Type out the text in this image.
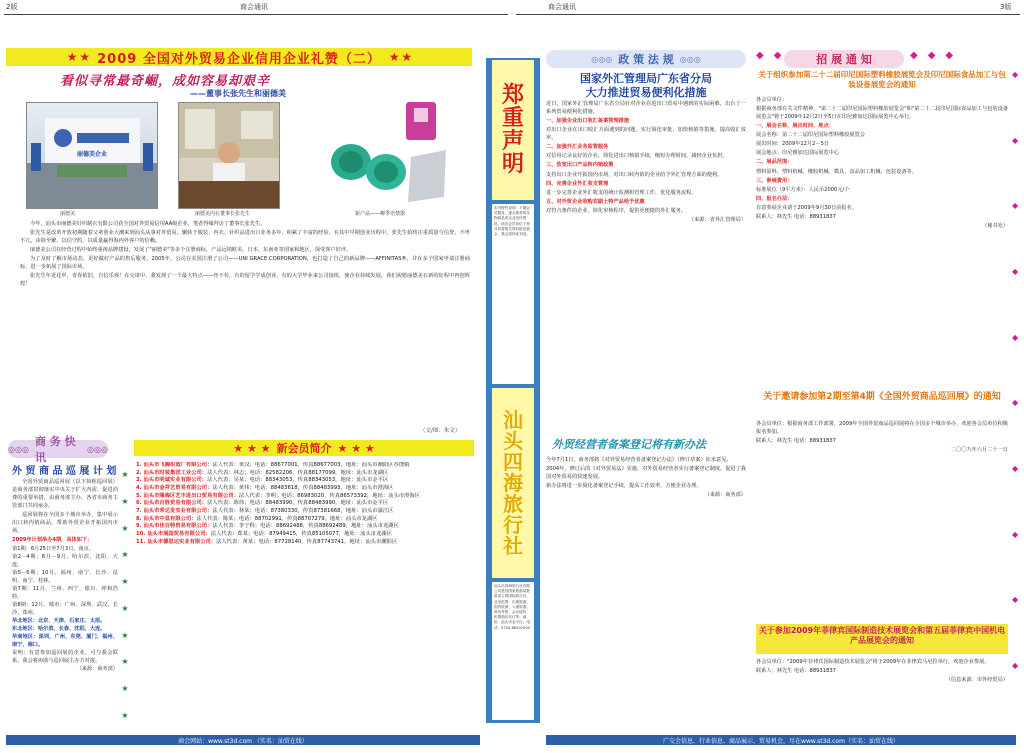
2版	商会通讯
★ ★ 2009 全国对外贸易企业信用企业礼赞（二） ★ ★
看似寻常最奇崛，成如容易却艰辛
——董事长张先生和丽德美
丽德美企业
丽德美	丽德美内在董事长张先生	新产品——柳季语禁器

今年，汕头市丽德美针织制衣有限公司获全国对外贸易信用AA级企业，笔者得缘拜访了董事长张先生。

张先生是改革开放初期随着父辈创业大潮来到汕头从事对外贸易，辗转于服装、内衣、针织品进出口业务多年，积累了丰富的经验，在其中早期创业历程中，张先生始终注重质量与信誉，不卑不亢，由简至繁，以信守约，以质量赢得海内外客户的信赖。

丽德美公司在经营过程中始终重视品牌建设，发展了"丽德美"等多个注册商标，产品远销欧美、日本、东南亚等国家和地区，深受客户好评。

为了及时了解市场动态，更好做好产品的售后服务，2005年，公司在美国注册了公司——UNI GRACE CORPORATION，也打造了自己的新品牌——AFFINITAS®，并在多个国家申请注册商标，进一步拓展了国际市场。

张先生年近花甲，青春依旧，自信乐观！在交谈中，我发现了一个最大特点——丝不苟，有的留学学成创业，有的大学毕业来公司接班，使企业持续发展，我们祝愿丽德美在新的征程中再创辉煌！

（文/图：朱文）
◎◎◎
商 务 快 讯
◎◎◎
外 贸 商 品 巡 展 计 划

全国外贸商品巡回展（以下简称巡回展）是商务部贯彻落实中央关于扩大内需、促进消费的重要举措，由商务部主办，各省市商务主管部门共同承办。

巡回展将在全国多个城市举办，集中展示出口转内销商品，帮助外贸企业开拓国内市场。

2009年计划举办4期，具体如下：
第1期：6月25日至7月3日，南京。
第2－4期：8月－9月，哈尔滨、沈阳、大连。
第5－6期：10月，福州、南宁、长沙、昆明、南宁、桂林。
第7期：11月，兰州、西宁、银川、呼和浩特。
第8期：12月，城市：广州、深圳、武汉、长沙、郑州。
华北地区：北京、天津、石家庄、太原。
东北地区：哈尔滨、长春、沈阳、大连。
华南地区：深圳、广州、东莞、厦门、福州、南宁、海口。
说明：有意参加巡回展的企业，可与我会联系，我会将协助与巡回展主办方对接。
（来源：商务部）
★
★
★
★
★
★
★
★
★
★
★ ★ ★ 新会员简介 ★ ★ ★
1. 汕头市飞腾织造厂有限公司：法人代表：黄汉；电话：88677001，传真88677003，地址：汕头市潮阳区谷饶镇
2. 汕头市时装集团工业公司：法人代表：林志；电话：82582206，传真88177099，地址：汕头市龙湖区
3. 汕头市明诚实业有限公司：法人代表：吴某；电话：88343053，传真88343053，地址：汕头市金平区
4. 汕头市金祥艺贸易有限公司：法人代表：黄伟；电话：88483618，传真88483993，地址：汕头市澄海区
5. 汕头市隆海区艺丰进出口贸易有限公司：法人代表：李明；电话：86983020，传真86573392，地址：汕头市澄海区
6. 汕头市百胜贸易有限公司：法人代表：陈伟；电话：88483990，传真88483990，地址：汕头市金平区
7. 汕头市荣达发实业有限公司：法人代表：林某；电话：87380330，传真87381668，地址：汕头市濠江区
8. 汕头市中显有限公司：法人代表：陈某；电话：88702991，传真88707279，地址：汕头市龙湖区
9. 汕头市佳百特贸易有限公司：法人代表：李子科；电话：88692488，传真88692489，地址：汕头市龙湖区
10. 汕头市展国贸易有限公司：法人代表：郑某；电话：87949415，传真85105077，地址：汕头市龙湖区
11. 汕头市德思达实业有限公司：法人代表：黄某；电话：87728140，传真87743741，地址：汕头市潮阳区
商会网站：www.st3d.com （实名：汕贸在线）
郑
重
声
明
本刊特约说明：下期会员服务、重点推荐的实物商品或企业宣传资料，请各会员单位于每月初将相关资料报送我会，我会将择优刊登。
汕
头
四
海
旅
行
社
汕头市四海旅行社有限公司是经国家旅游局批准成立的国际旅行社，业务范围：出境旅游、国内旅游、入境旅游、商务考察、会议接待、机票酒店代订等。地址：汕头市金平区。电话：0754-88201000
商会通讯	3版
◎◎◎ 政 策 法 规 ◎◎◎
国家外汇管理局广东省分局
大力推进贸易便利化措施

近日，国家外汇管理局广东省分局针对企业在进出口贸易中遇到的实际困难，出台了一系列贸易便利化措施。

一、加强企业出口收汇备案管理措施

对出口企业在出口收汇方面遇到的问题，实行简化审批、加快核销等措施，提高收汇效率。

二、加强外汇业务监管服务

对信用记录良好的企业，简化进出口核销手续，缩短办理时间，减轻企业负担。

三、放宽出口产品转内销政策

支持出口企业开拓国内市场，对出口转内销的企业给予外汇管理方面的便利。

四、完善企业外汇收支管理

进一步完善企业外汇收支的统计监测和管理工作，优化服务流程。

五、对外贸企业收购农副土特产品给予优惠

对符合条件的企业，简化审核程序，提供更便捷的外汇服务。

（来源：省外汇管理局）

外贸经营者备案登记将有新办法

今年7月1日，商务部将《对外贸易经营者备案登记办法》（修订草案）征求意见。

2004年，修订后的《对外贸易法》实施，对外贸易经营者实行备案登记制度，促进了我国对外贸易的快速发展。

新办法将进一步简化备案登记手续，提高工作效率，方便企业办理。

（来源：商务部）

◆ ◆	招 展 通 知	◆ ◆ ◆
关于组织参加第二十二届印尼国际塑料橡胶展览会及印尼国际食品加工与包装设备展览会的通知

各会员单位：

根据商务部有关文件精神，"第二十二届印尼国际塑料橡胶展览会"和"第二十二届印尼国际食品加工与包装设备展览会"将于2009年12月2日至5日在印尼雅加达国际展览中心举行。

一、展会名称、展出时间、地点：

展会名称：第二十二届印尼国际塑料橡胶展览会

展出时间：2009年12月2－5日

展会地点：印尼雅加达国际展览中心

二、展品范围：

塑料原料、塑料机械、橡胶机械、模具、食品加工机械、包装设备等。

三、参展费用：

标准展位（9平方米）：人民币2000元/个

四、报名办法：

有意参展企业请于2009年9月30日前报名。

联系人：林先生 电话：88931837

（秘书处）

关于邀请参加第2期至第4期《全国外贸商品巡回展》的通知

各会员单位：根据商务部工作部署，2009年全国外贸商品巡回展将在全国多个城市举办，欢迎各会员单位积极报名参加。

联系人：林先生 电话：88931837

二〇〇九年六月二十一日

关于参加2009年菲律宾国际制造技术展览会和第五届菲律宾中国机电产品展览会的通知

各会员单位："2009年菲律宾国际制造技术展览会"将于2009年在菲律宾马尼拉举行，欢迎企业参展。

联系人：林先生 电话：88931837

（信息来源：市外经贸局）

◆
◆
◆
◆
◆
◆
◆
◆
◆
◆
广交会信息、行业信息、商品展示、贸易机会，尽在www.st3d.com（实名：汕贸在线）
